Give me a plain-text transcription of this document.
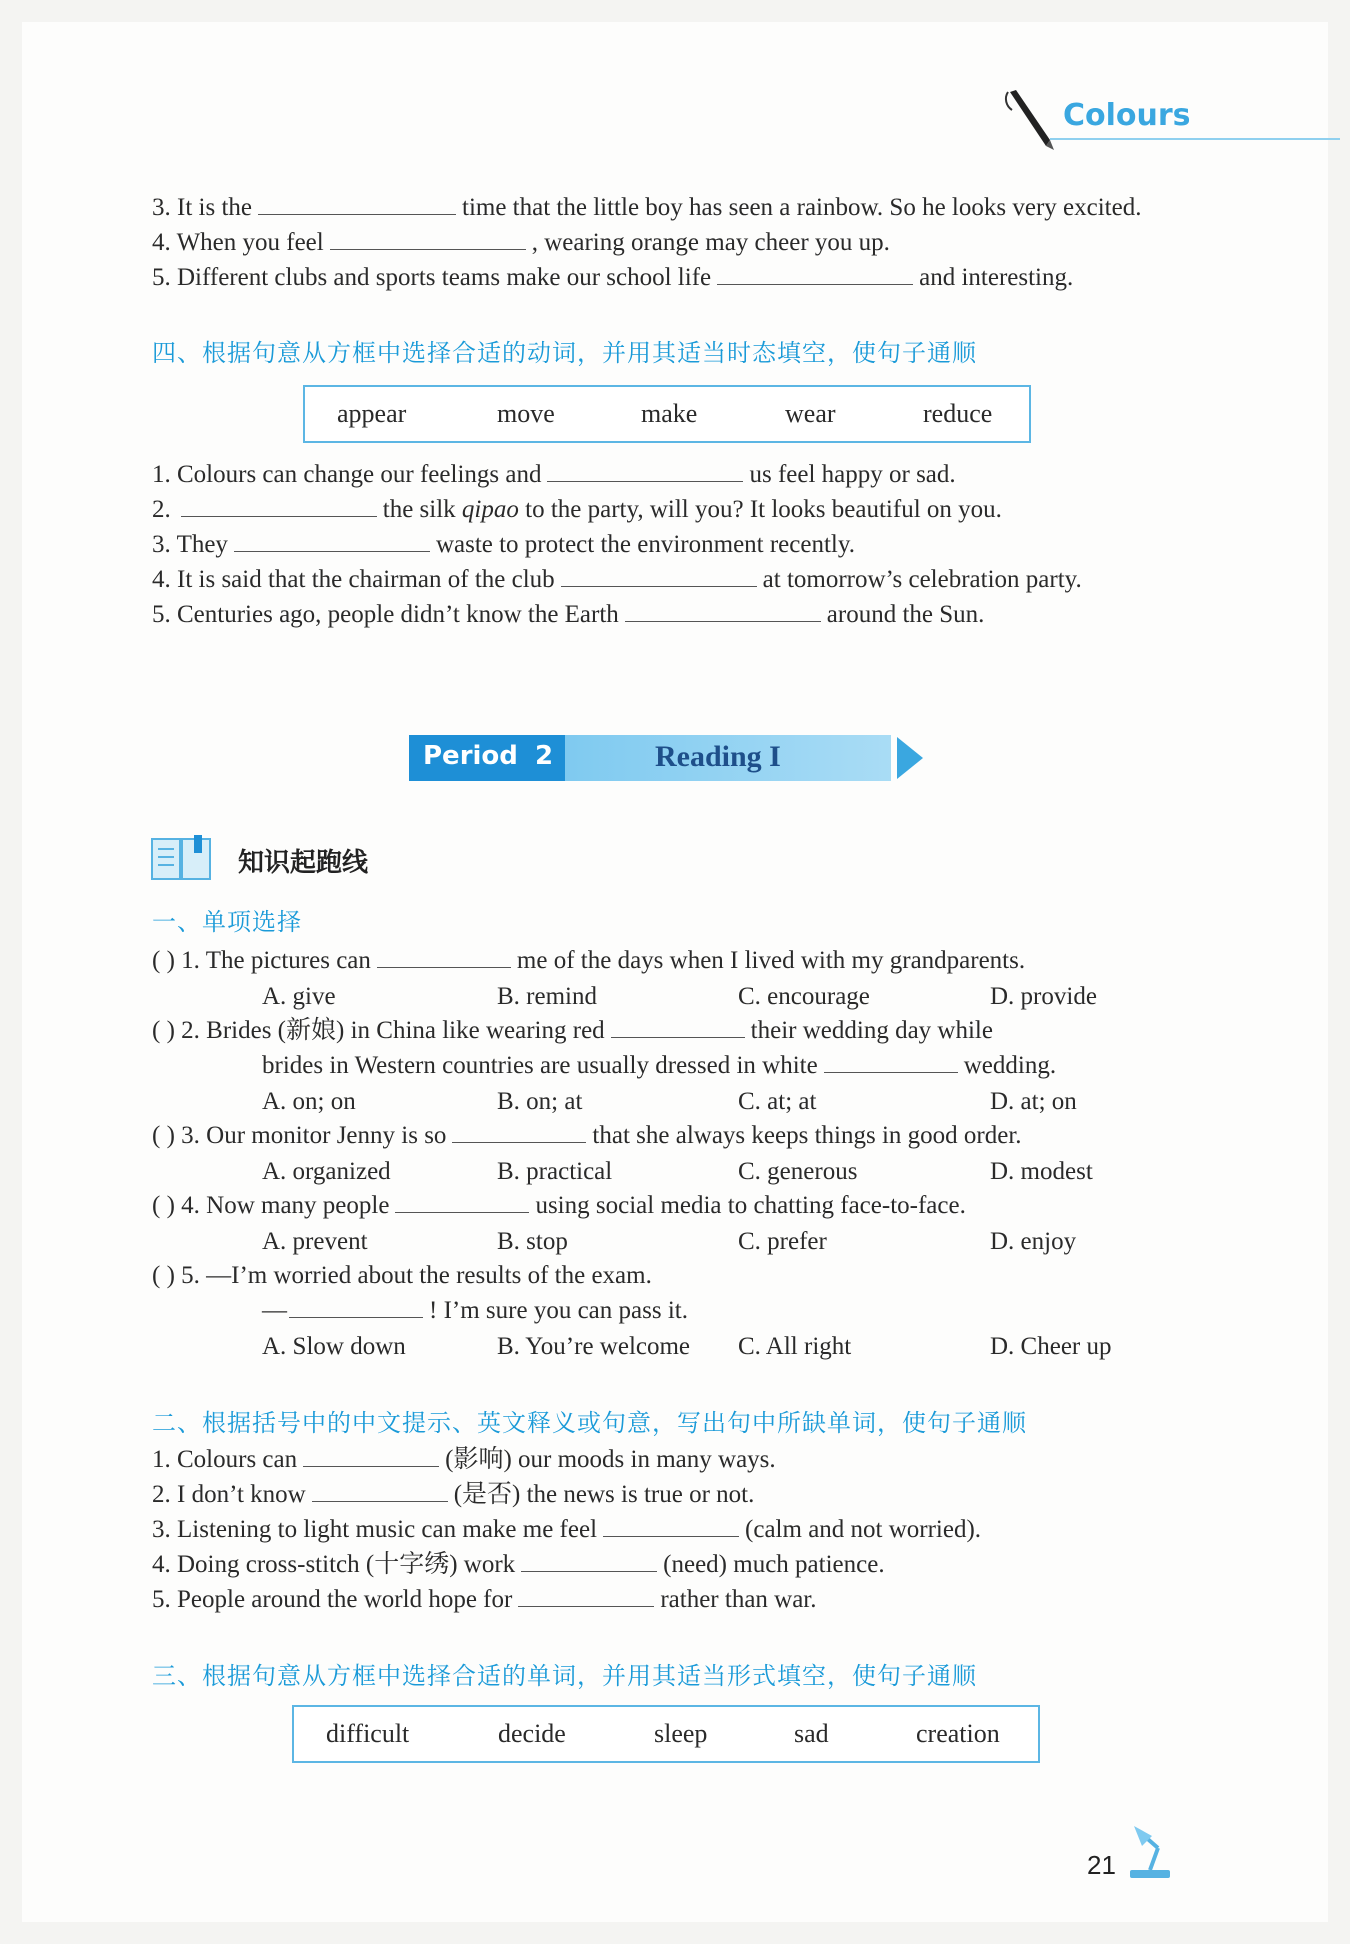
Colours
3. It is the	time that the little boy has seen a rainbow. So he looks very excited.
4. When you feel	, wearing orange may cheer you up.
5. Different clubs and sports teams make our school life	and interesting.
四、根据句意从方框中选择合适的动词，并用其适当时态填空，使句子通顺
appear	move	make	wear	reduce
1. Colours can change our feelings and	us feel happy or sad.
2.	the silk qipao to the party, will you? It looks beautiful on you.
3. They	waste to protect the environment recently.
4. It is said that the chairman of the club	at tomorrow’s celebration party.
5. Centuries ago, people didn’t know the Earth	around the Sun.
Period 2	Reading I
知识起跑线
一、单项选择
( ) 1. The pictures can	me of the days when I lived with my grandparents.
A. give	B. remind	C. encourage	D. provide
( ) 2. Brides (新娘) in China like wearing red	their wedding day while
brides in Western countries are usually dressed in white	wedding.
A. on; on	B. on; at	C. at; at	D. at; on
( ) 3. Our monitor Jenny is so	that she always keeps things in good order.
A. organized	B. practical	C. generous	D. modest
( ) 4. Now many people	using social media to chatting face-to-face.
A. prevent	B. stop	C. prefer	D. enjoy
( ) 5. —I’m worried about the results of the exam.
—	! I’m sure you can pass it.
A. Slow down	B. You’re welcome C. All right	D. Cheer up
二、根据括号中的中文提示、英文释义或句意，写出句中所缺单词，使句子通顺
1. Colours can	(影响) our moods in many ways.
2. I don’t know	(是否) the news is true or not.
3. Listening to light music can make me feel	(calm and not worried).
4. Doing cross-stitch (十字绣) work	(need) much patience.
5. People around the world hope for	rather than war.
三、根据句意从方框中选择合适的单词，并用其适当形式填空，使句子通顺
difficult	decide	sleep	sad	creation
21
